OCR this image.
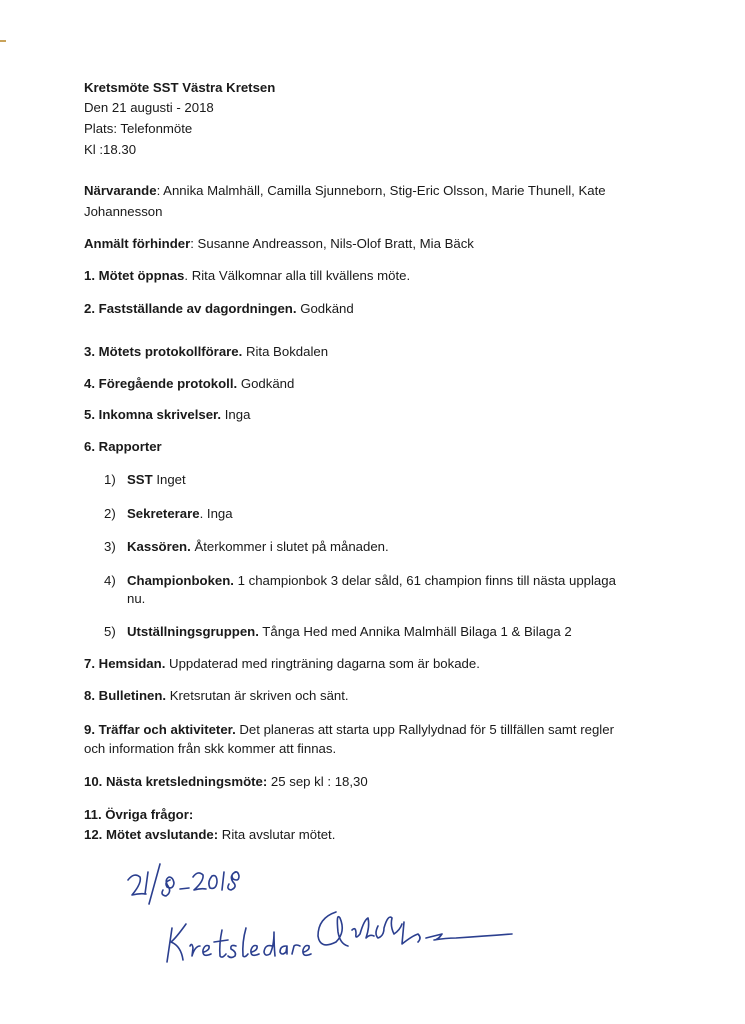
Kretsmöte SST Västra Kretsen
Den 21 augusti - 2018
Plats: Telefonmöte
Kl :18.30
Närvarande: Annika Malmhäll, Camilla Sjunneborn, Stig-Eric Olsson, Marie Thunell, Kate
Johannesson
Anmält förhinder: Susanne Andreasson, Nils-Olof Bratt, Mia Bäck
1. Mötet öppnas. Rita Välkomnar alla till kvällens möte.
2. Fastställande av dagordningen. Godkänd
3. Mötets protokollförare. Rita Bokdalen
4. Föregående protokoll. Godkänd
5. Inkomna skrivelser. Inga
6. Rapporter
1) SST Inget
2) Sekreterare. Inga
3) Kassören. Återkommer i slutet på månaden.
4) Championboken. 1 championbok 3 delar såld, 61 champion finns till nästa upplaga
nu.
5) Utställningsgruppen. Tånga Hed med Annika Malmhäll Bilaga 1 & Bilaga 2
7. Hemsidan. Uppdaterad med ringträning dagarna som är bokade.
8. Bulletinen. Kretsrutan är skriven och sänt.
9. Träffar och aktiviteter. Det planeras att starta upp Rallylydnad för 5 tillfällen samt regler
och information från skk kommer att finnas.
10. Nästa kretsledningsmöte: 25 sep kl : 18,30
11. Övriga frågor:
12. Mötet avslutande: Rita avslutar mötet.
